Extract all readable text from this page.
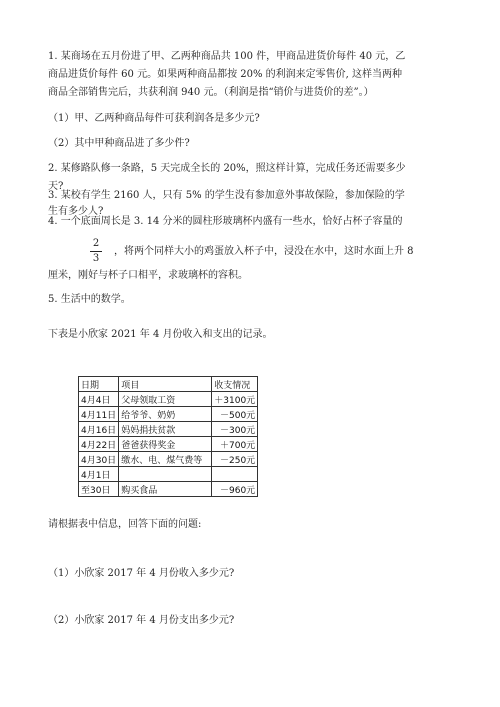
1. 某商场在五月份进了甲、乙两种商品共 100 件，甲商品进货价每件 40 元，乙

商品进货价每件 60 元。如果两种商品都按 20% 的利润来定零售价, 这样当两种

商品全部销售完后，共获利润 940 元。（利润是指“销价与进货价的差”。）

（1）甲、乙两种商品每件可获利润各是多少元?

（2）其中甲种商品进了多少件?

2. 某修路队修一条路，5 天完成全长的 20%，照这样计算，完成任务还需要多少

天?

3. 某校有学生 2160 人，只有 5% 的学生没有参加意外事故保险，参加保险的学

生有多少人?

4. 一个底面周长是 3. 14 分米的圆柱形玻璃杯内盛有一些水，恰好占杯子容量的

2
3

，将两个同样大小的鸡蛋放入杯子中，浸没在水中，这时水面上升 8

厘米，刚好与杯子口相平，求玻璃杯的容积。

5. 生活中的数学。

下表是小欣家 2021 年 4 月份收入和支出的记录。

日期	项目	收支情况
4月4日	父母领取工资	＋3100元
4月11日	给爷爷、奶奶	－500元
4月16日	妈妈捐扶贫款	－300元
4月22日	爸爸获得奖金	＋700元
4月30日	缴水、电、煤气费等	－250元
4月1日		
至30日	购买食品	－960元

请根据表中信息，回答下面的问题:

（1）小欣家 2017 年 4 月份收入多少元?

（2）小欣家 2017 年 4 月份支出多少元?
